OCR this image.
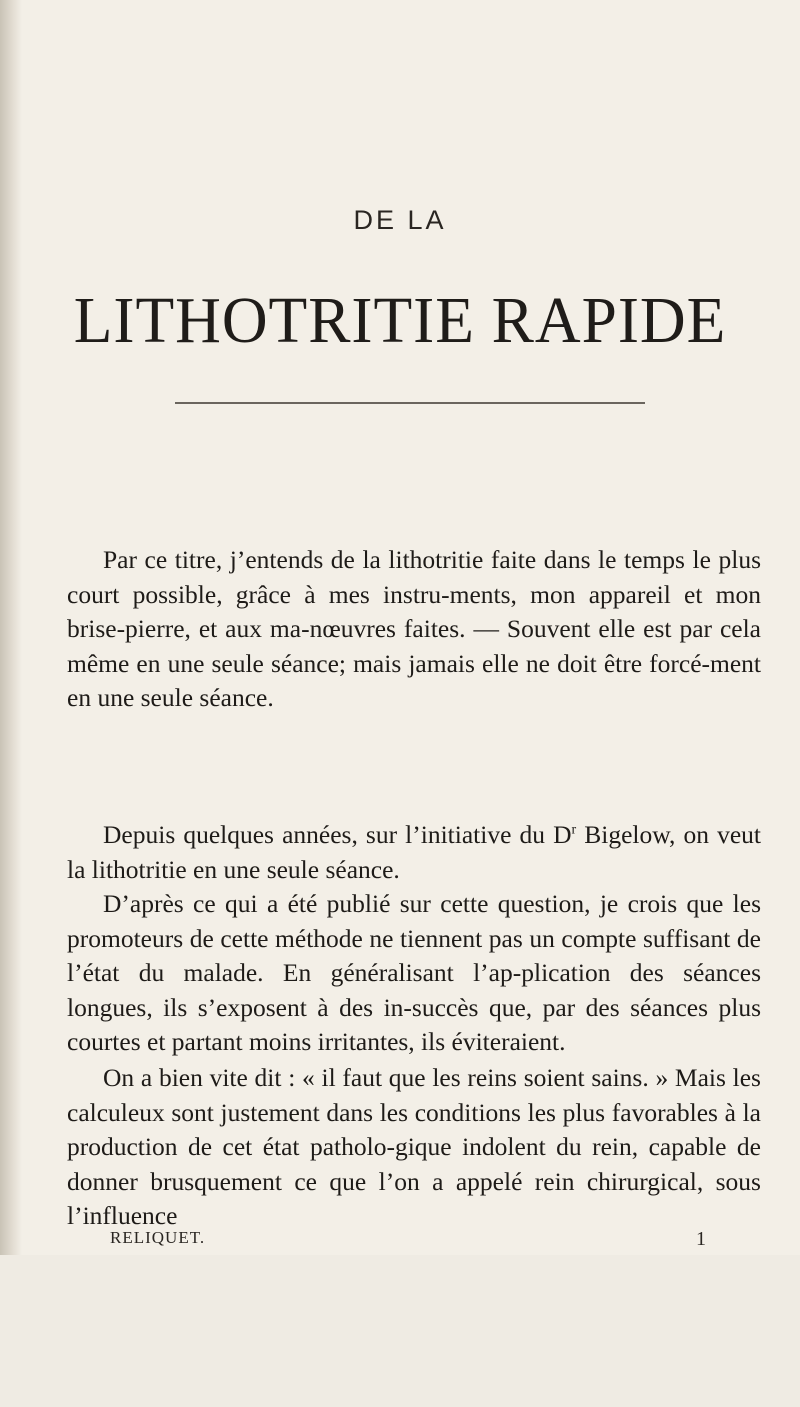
DE LA
LITHOTRITIE RAPIDE

Par ce titre, j’entends de la lithotritie faite dans le temps le plus court possible, grâce à mes instru-ments, mon appareil et mon brise-pierre, et aux ma-nœuvres faites. — Souvent elle est par cela même en une seule séance; mais jamais elle ne doit être forcé-ment en une seule séance.

Depuis quelques années, sur l’initiative du $D^r$ Bigelow, on veut la lithotritie en une seule séance.

D’après ce qui a été publié sur cette question, je crois que les promoteurs de cette méthode ne tiennent pas un compte suffisant de l’état du malade. En généralisant l’ap-plication des séances longues, ils s’exposent à des in-succès que, par des séances plus courtes et partant moins irritantes, ils éviteraient.

On a bien vite dit : « il faut que les reins soient sains. » Mais les calculeux sont justement dans les conditions les plus favorables à la production de cet état patholo-gique indolent du rein, capable de donner brusquement ce que l’on a appelé rein chirurgical, sous l’influence

RELIQUET.	1
